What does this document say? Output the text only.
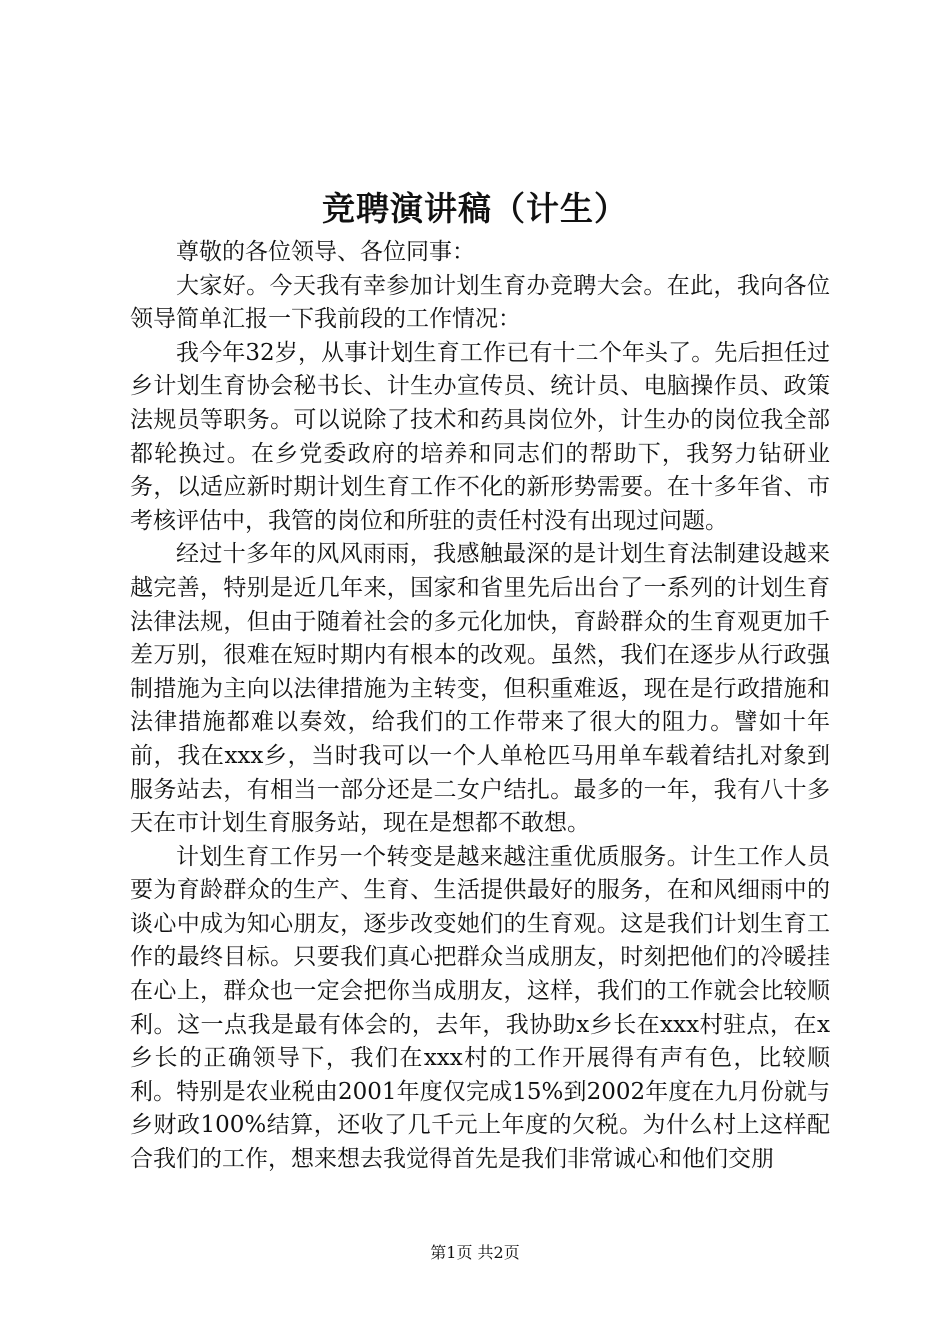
竞聘演讲稿（计生）

尊敬的各位领导、各位同事：

大家好。今天我有幸参加计划生育办竞聘大会。在此，我向各位领导简单汇报一下我前段的工作情况：

我今年32岁，从事计划生育工作已有十二个年头了。先后担任过乡计划生育协会秘书长、计生办宣传员、统计员、电脑操作员、政策法规员等职务。可以说除了技术和药具岗位外，计生办的岗位我全部都轮换过。在乡党委政府的培养和同志们的帮助下，我努力钻研业务，以适应新时期计划生育工作不化的新形势需要。在十多年省、市考核评估中，我管的岗位和所驻的责任村没有出现过问题。

经过十多年的风风雨雨，我感触最深的是计划生育法制建设越来越完善，特别是近几年来，国家和省里先后出台了一系列的计划生育法律法规，但由于随着社会的多元化加快，育龄群众的生育观更加千差万别，很难在短时期内有根本的改观。虽然，我们在逐步从行政强制措施为主向以法律措施为主转变，但积重难返，现在是行政措施和法律措施都难以奏效，给我们的工作带来了很大的阻力。譬如十年前，我在xxx乡，当时我可以一个人单枪匹马用单车载着结扎对象到服务站去，有相当一部分还是二女户结扎。最多的一年，我有八十多天在市计划生育服务站，现在是想都不敢想。

计划生育工作另一个转变是越来越注重优质服务。计生工作人员要为育龄群众的生产、生育、生活提供最好的服务，在和风细雨中的谈心中成为知心朋友，逐步改变她们的生育观。这是我们计划生育工作的最终目标。只要我们真心把群众当成朋友，时刻把他们的冷暖挂在心上，群众也一定会把你当成朋友，这样，我们的工作就会比较顺利。这一点我是最有体会的，去年，我协助x乡长在xxx村驻点，在x乡长的正确领导下，我们在xxx村的工作开展得有声有色，比较顺利。特别是农业税由2001年度仅完成15%到2002年度在九月份就与乡财政100%结算，还收了几千元上年度的欠税。为什么村上这样配合我们的工作，想来想去我觉得首先是我们非常诚心和他们交朋

第1页 共2页
